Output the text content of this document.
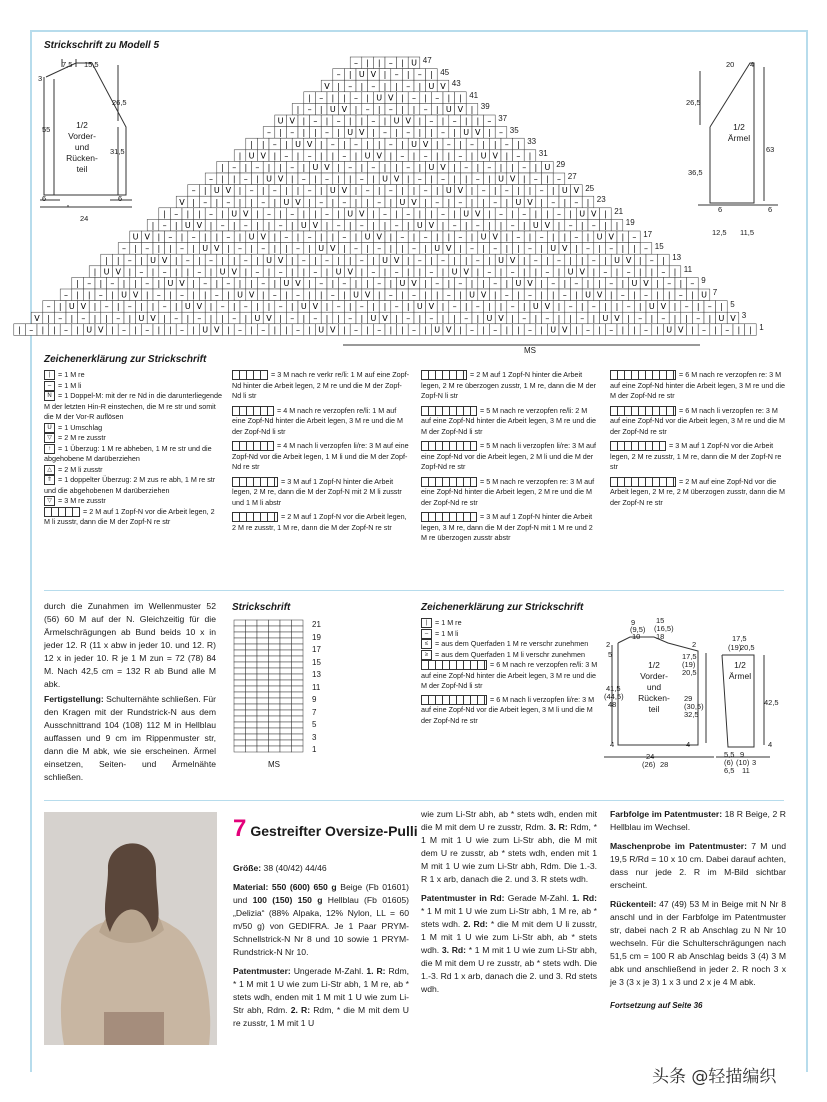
Strickschrift zu Modell 5
7,5 15,5
3
26,5
55
31,5
6
24
6
1/2
Vorder-
und
Rücken-
teil
20 4
26,5
63
36,5
6	6
12,5 11,5
1/2
Ärmel
– | | – | U
– | U V | – | – |
V | – | – | | – | U V
| – | | – | U V | – | – | |
| – | U V | – | – | | – | U V |
U V | – | – | | – | U V | – | – | | –
– | – | | – | U V | – | – | | – | U V | –
| | – | U V | – | – | | – | U V | – | – | | – |
| U V | – | – | | – | U V | – | – | | – | U V | – |
| – | – | | – | U V | – | – | | – | U V | – | – | | – | U
– | | – | U V | – | – | | – | U V | – | – | | – | U V | – | –
– | U V | – | – | | – | U V | – | – | | – | U V | – | – | | – | U V
V | – | – | | – | U V | – | – | | – | U V | – | – | | – | U V | – | – |
| – | | – | U V | – | – | | – | U V | – | – | | – | U V | – | – | | – | U V |
| – | U V | – | – | | – | U V | – | – | | – | U V | – | – | | – | U V | – | – | |
U V | – | – | | – | U V | – | – | | – | U V | – | – | | – | U V | – | – | | – | U V | –
– | – | | – | U V | – | – | | – | U V | – | – | | – | U V | – | – | | – | U V | – | – | | –
| | – | U V | – | – | | – | U V | – | – | | – | U V | – | – | | – | U V | – | – | | – | U V | – |
| U V | – | – | | – | U V | – | – | | – | U V | – | – | | – | U V | – | – | | – | U V | – | – | | – |
| – | – | | – | U V | – | – | | – | U V | – | – | | – | U V | – | – | | – | U V | – | – | | – | U V | – | –
– | | – | U V | – | – | | – | U V | – | – | | – | U V | – | – | | – | U V | – | – | | – | U V | – | – | | – | U
– | U V | – | – | | – | U V | – | – | | – | U V | – | – | | – | U V | – | – | | – | U V | – | – | | – | U V | – | – |
V | – | – | | – | U V | – | – | | – | U V | – | – | | – | U V | – | – | | – | U V | – | – | | – | U V | – | – | | – | U V
| – | | – | U V | – | – | | – | U V | – | – | | – | U V | – | – | | – | U V | – | – | | – | U V | – | – | | – | U V | – | – | |
47
45
43
41
39
37
35
33
31
29
27
25
23
21
19
17
15
13
11
9
7
5
3
1
MS
Zeichenerklärung zur Strickschrift
| = 1 M re
– = 1 M li
N = 1 Doppel-M: mit der re Nd in die darunterliegende M der letzten Hin-R einstechen, die M re str und somit die M der Vor-R auflösen
U = 1 Umschlag
▽ = 2 M re zusstr
↑ = 1 Überzug: 1 M re abheben, 1 M re str und die abgehobene M darüberziehen
△ = 2 M li zusstr
⇑ = 1 doppelter Überzug: 2 M zus re abh, 1 M re str und die abgehobenen M darüberziehen
▽ = 3 M re zusstr
= 2 M auf 1 Zopf-N vor die Arbeit legen, 2 M li zusstr, dann die M der Zopf-N re str
= 3 M nach re verkr re/li: 1 M auf eine Zopf-Nd hinter die Arbeit legen, 2 M re und die M der Zopf-Nd li str
= 4 M nach re verzopfen re/li: 1 M auf eine Zopf-Nd hinter die Arbeit legen, 3 M re und die M der Zopf-Nd li str
= 4 M nach li verzopfen li/re: 3 M auf eine Zopf-Nd vor die Arbeit legen, 1 M li und die M der Zopf-Nd re str
= 3 M auf 1 Zopf-N hinter die Arbeit legen, 2 M re, dann die M der Zopf-N mit 2 M li zusstr und 1 M li abstr
= 2 M auf 1 Zopf-N vor die Arbeit legen, 2 M re zusstr, 1 M re, dann die M der Zopf-N re str
= 2 M auf 1 Zopf-N hinter die Arbeit legen, 2 M re überzogen zusstr, 1 M re, dann die M der Zopf-N li str
= 5 M nach re verzopfen re/li: 2 M auf eine Zopf-Nd hinter die Arbeit legen, 3 M re und die M der Zopf-Nd li str
= 5 M nach li verzopfen li/re: 3 M auf eine Zopf-Nd vor die Arbeit legen, 2 M li und die M der Zopf-Nd re str
= 5 M nach re verzopfen re: 3 M auf eine Zopf-Nd hinter die Arbeit legen, 2 M re und die M der Zopf-Nd re str
= 3 M auf 1 Zopf-N hinter die Arbeit legen, 3 M re, dann die M der Zopf-N mit 1 M re und 2 M re überzogen zusstr abstr
= 6 M nach re verzopfen re: 3 M auf eine Zopf-Nd hinter die Arbeit legen, 3 M re und die M der Zopf-Nd re str
= 6 M nach li verzopfen re: 3 M auf eine Zopf-Nd vor die Arbeit legen, 3 M re und die M der Zopf-Nd re str
= 3 M auf 1 Zopf-N vor die Arbeit legen, 2 M re zusstr, 1 M re, dann die M der Zopf-N re str
= 2 M auf eine Zopf-Nd vor die Arbeit legen, 2 M re, 2 M überzogen zusstr, dann die M der Zopf-N re str
durch die Zunahmen im Wellenmuster 52 (56) 60 M auf der N. Gleichzeitig für die Ärmelschrägungen ab Bund beids 10 x in jeder 12. R (11 x abw in jeder 10. und 12. R) 12 x in jeder 10. R je 1 M zun = 72 (78) 84 M. Nach 42,5 cm = 132 R ab Bund alle M abk.
Fertigstellung: Schulternähte schließen. Für den Kragen mit der Rundstrick-N aus dem Ausschnittrand 104 (108) 112 M in Hellblau auffassen und 9 cm im Rippenmuster str, dann die M abk, wie sie erscheinen. Ärmel einsetzen, Seiten- und Ärmelnähte schließen.
Strickschrift
21
19
17
15
13
11
9
7
5
3
1
MS
Zeichenerklärung zur Strickschrift
| = 1 M re
– = 1 M li
≤ = aus dem Querfaden 1 M re verschr zunehmen
≥ = aus dem Querfaden 1 M li verschr zunehmen
= 6 M nach re verzopfen re/li: 3 M auf eine Zopf-Nd hinter die Arbeit legen, 3 M re und die M der Zopf-Nd li str
= 6 M nach li verzopfen li/re: 3 M auf eine Zopf-Nd vor die Arbeit legen, 3 M li und die M der Zopf-Nd re str
9
(9,5)
10
15
(16,5)
18
2
5
2
17,5
(19)
20,5
41,5
(44,5)
48
29
(30,5)
32,5
4
24
(26) 28
4
17,5
(19)
20,5
42,5
4
5,5
(6)
6,5
9
(10)
11
3
1/2
Vorder-
und
Rücken-
teil
1/2
Ärmel
7 Gestreifter Oversize-Pulli
Größe: 38 (40/42) 44/46
Material: 550 (600) 650 g Beige (Fb 01601) und 100 (150) 150 g Hellblau (Fb 01605) „Delizia“ (88% Alpaka, 12% Nylon, LL = 60 m/50 g) von GEDIFRA. Je 1 Paar PRYM-Schnellstrick-N Nr 8 und 10 sowie 1 PRYM-Rundstrick-N Nr 10.
Patentmuster: Ungerade M-Zahl. 1. R: Rdm, * 1 M mit 1 U wie zum Li-Str abh, 1 M re, ab * stets wdh, enden mit 1 M mit 1 U wie zum Li-Str abh, Rdm. 2. R: Rdm, * die M mit dem U re zusstr, 1 M mit 1 U
wie zum Li-Str abh, ab * stets wdh, enden mit die M mit dem U re zusstr, Rdm. 3. R: Rdm, * 1 M mit 1 U wie zum Li-Str abh, die M mit dem U re zusstr, ab * stets wdh, enden mit 1 M mit 1 U wie zum Li-Str abh, Rdm. Die 1.-3. R 1 x arb, danach die 2. und 3. R stets wdh.
Patentmuster in Rd: Gerade M-Zahl. 1. Rd: * 1 M mit 1 U wie zum Li-Str abh, 1 M re, ab * stets wdh. 2. Rd: * die M mit dem U li zusstr, 1 M mit 1 U wie zum Li-Str abh, ab * stets wdh. 3. Rd: * 1 M mit 1 U wie zum Li-Str abh, die M mit dem U re zusstr, ab * stets wdh. Die 1.-3. Rd 1 x arb, danach die 2. und 3. Rd stets wdh.
Farbfolge im Patentmuster: 18 R Beige, 2 R Hellblau im Wechsel.
Maschenprobe im Patentmuster: 7 M und 19,5 R/Rd = 10 x 10 cm. Dabei darauf achten, dass nur jede 2. R im M-Bild sichtbar erscheint.
Rückenteil: 47 (49) 53 M in Beige mit N Nr 8 anschl und in der Farbfolge im Patentmuster str, dabei nach 2 R ab Anschlag zu N Nr 10 wechseln. Für die Schulterschrägungen nach 51,5 cm = 100 R ab Anschlag beids 3 (4) 3 M abk und anschließend in jeder 2. R noch 3 x je 3 (3 x je 3) 1 x 3 und 2 x je 4 M abk.
Fortsetzung auf Seite 36
头条 @轻描编织
